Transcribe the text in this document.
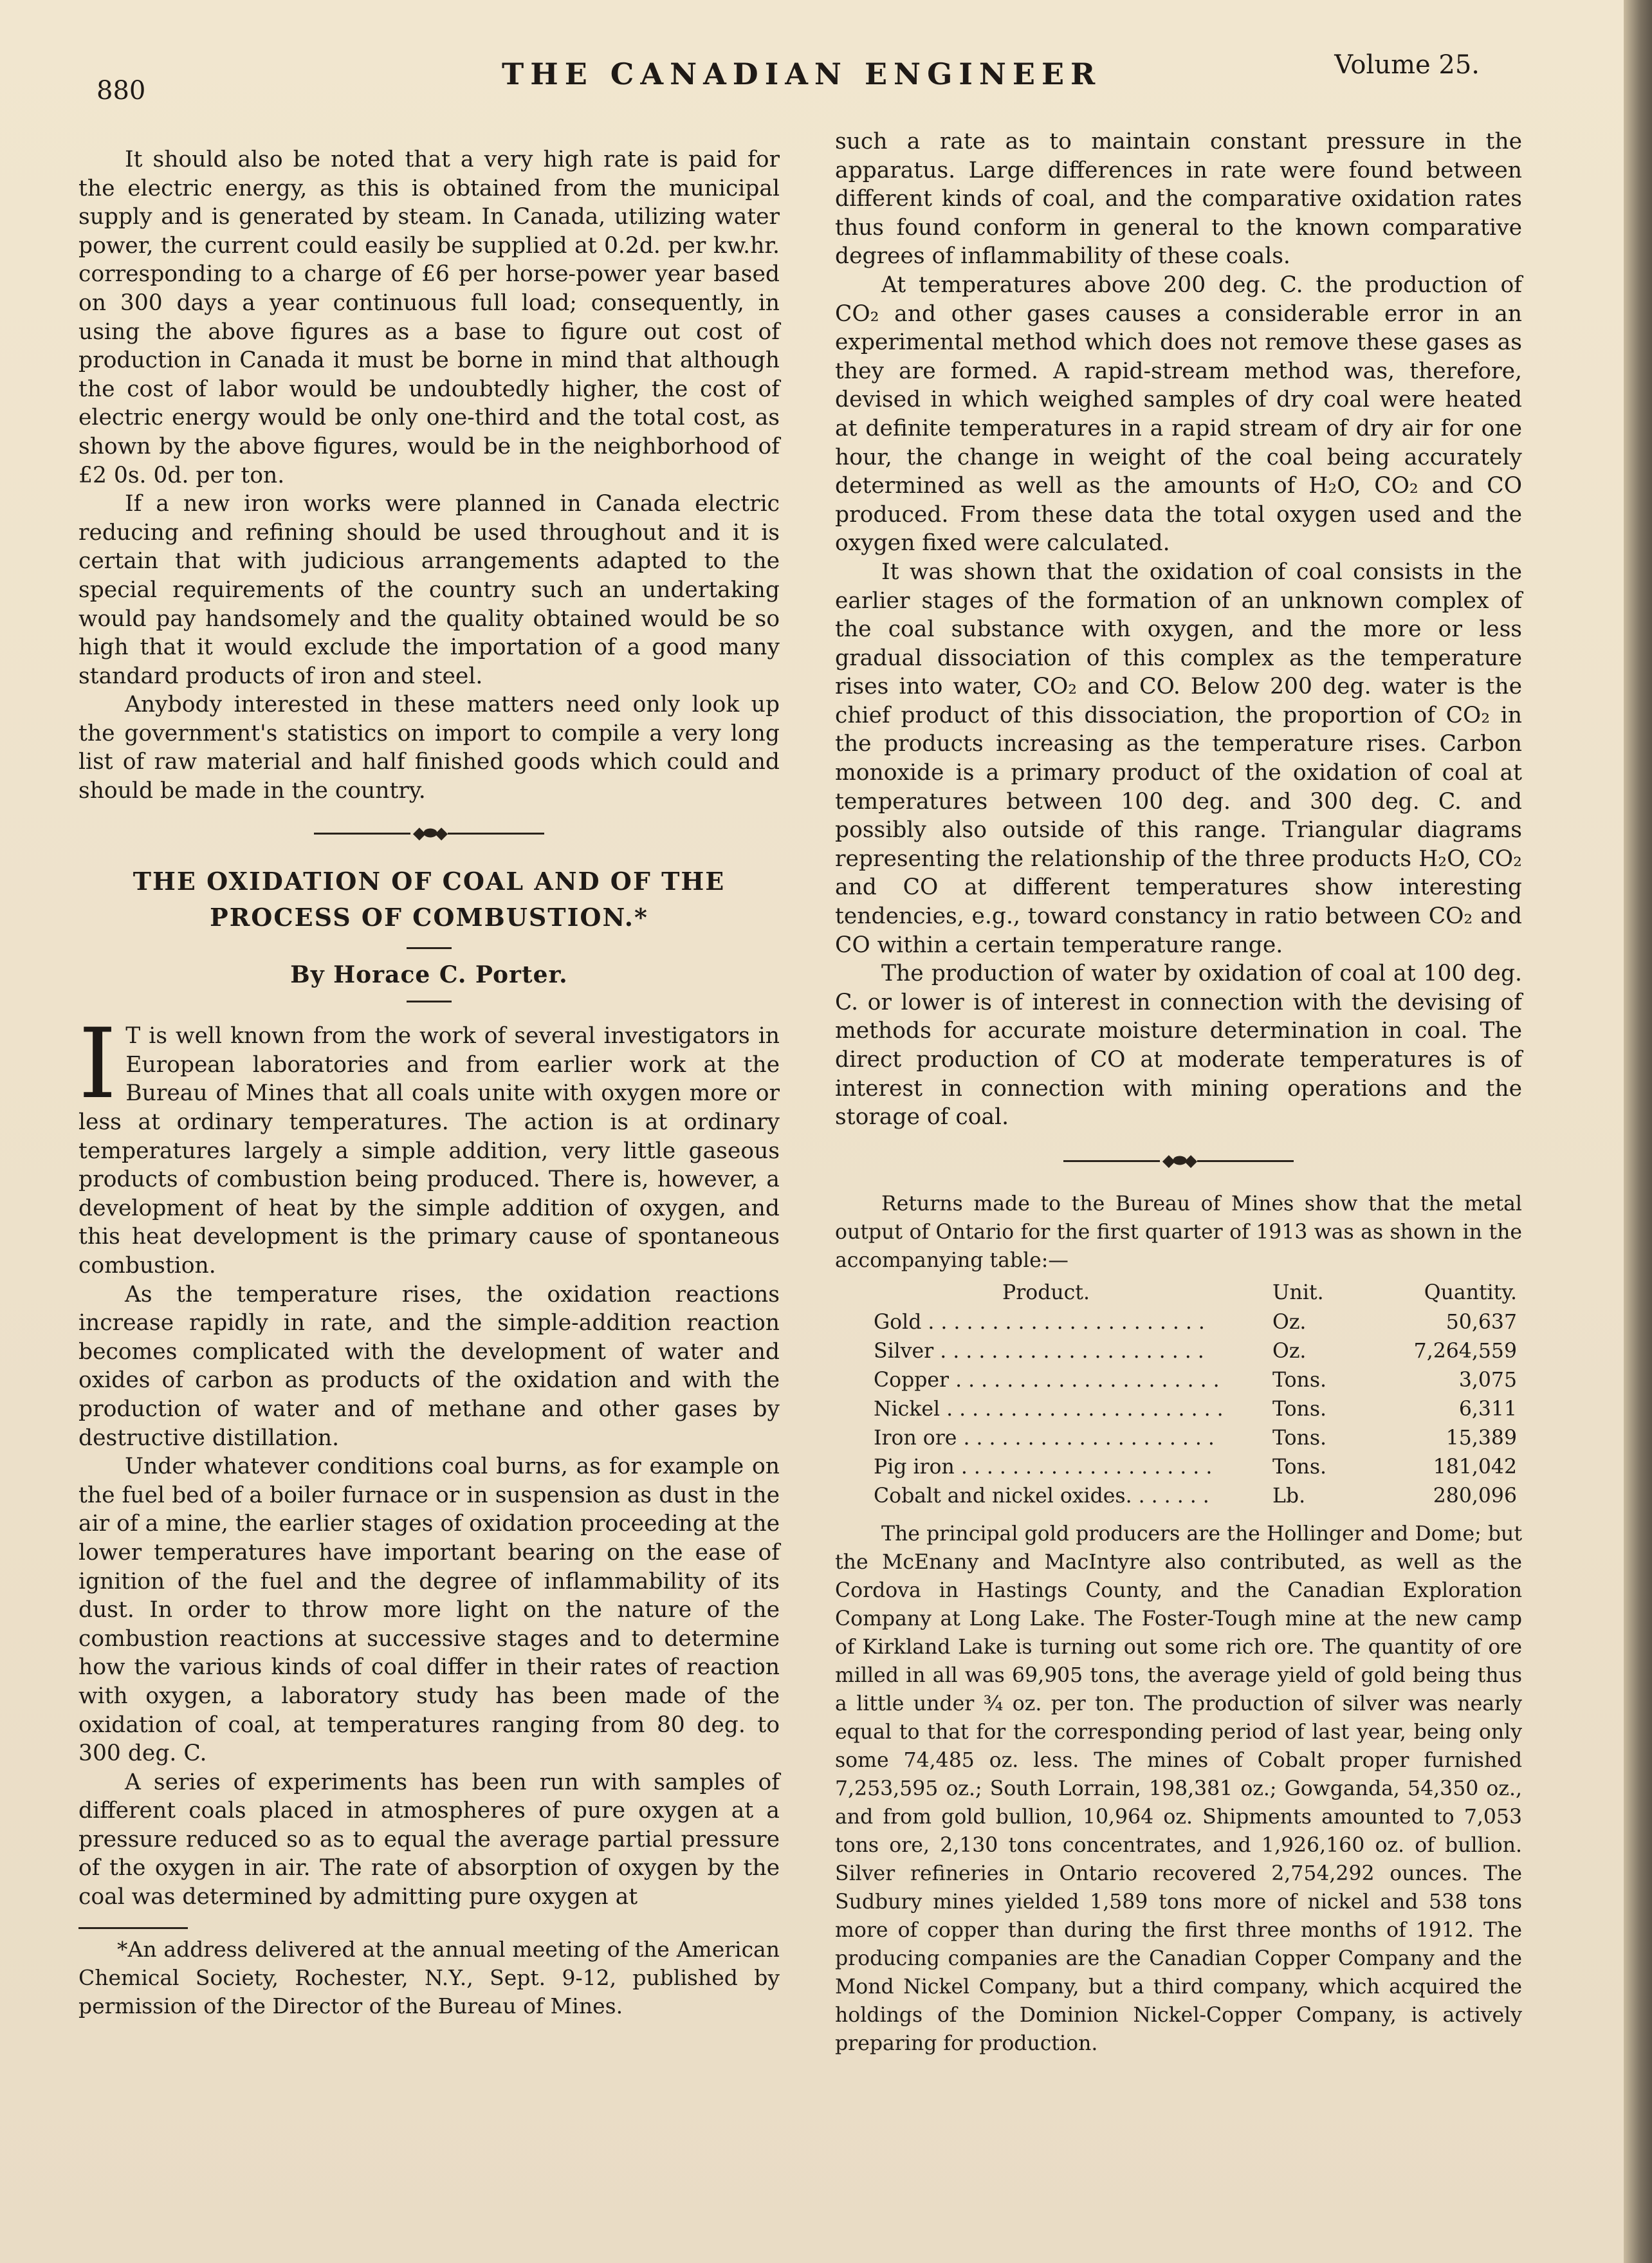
880	THE CANADIAN ENGINEER	Volume 25.

It should also be noted that a very high rate is paid for the electric energy, as this is obtained from the municipal supply and is generated by steam. In Canada, utilizing water power, the current could easily be supplied at 0.2d. per kw.hr. corresponding to a charge of £6 per horse-power year based on 300 days a year continuous full load; consequently, in using the above figures as a base to figure out cost of production in Canada it must be borne in mind that although the cost of labor would be undoubtedly higher, the cost of electric energy would be only one-third and the total cost, as shown by the above figures, would be in the neighborhood of £2 0s. 0d. per ton.

If a new iron works were planned in Canada electric reducing and refining should be used throughout and it is certain that with judicious arrangements adapted to the special requirements of the country such an undertaking would pay handsomely and the quality obtained would be so high that it would exclude the importation of a good many standard products of iron and steel.

Anybody interested in these matters need only look up the government's statistics on import to compile a very long list of raw material and half finished goods which could and should be made in the country.

◆⬬◆
THE OXIDATION OF COAL AND OF THE PROCESS OF COMBUSTION.*
By Horace C. Porter.

I T is well known from the work of several investigators in European laboratories and from earlier work at the Bureau of Mines that all coals unite with oxygen more or less at ordinary temperatures. The action is at ordinary temperatures largely a simple addition, very little gaseous products of combustion being produced. There is, however, a development of heat by the simple addition of oxygen, and this heat development is the primary cause of spontaneous combustion.

As the temperature rises, the oxidation reactions increase rapidly in rate, and the simple-addition reaction becomes complicated with the development of water and oxides of carbon as products of the oxidation and with the production of water and of methane and other gases by destructive distillation.

Under whatever conditions coal burns, as for example on the fuel bed of a boiler furnace or in suspension as dust in the air of a mine, the earlier stages of oxidation proceeding at the lower temperatures have important bearing on the ease of ignition of the fuel and the degree of inflammability of its dust. In order to throw more light on the nature of the combustion reactions at successive stages and to determine how the various kinds of coal differ in their rates of reaction with oxygen, a laboratory study has been made of the oxidation of coal, at temperatures ranging from 80 deg. to 300 deg. C.

A series of experiments has been run with samples of different coals placed in atmospheres of pure oxygen at a pressure reduced so as to equal the average partial pressure of the oxygen in air. The rate of absorption of oxygen by the coal was determined by admitting pure oxygen at

*An address delivered at the annual meeting of the American Chemical Society, Rochester, N.Y., Sept. 9-12, published by permission of the Director of the Bureau of Mines.

such a rate as to maintain constant pressure in the apparatus. Large differences in rate were found between different kinds of coal, and the comparative oxidation rates thus found conform in general to the known comparative degrees of inflammability of these coals.

At temperatures above 200 deg. C. the production of CO₂ and other gases causes a considerable error in an experimental method which does not remove these gases as they are formed. A rapid-stream method was, therefore, devised in which weighed samples of dry coal were heated at definite temperatures in a rapid stream of dry air for one hour, the change in weight of the coal being accurately determined as well as the amounts of H₂O, CO₂ and CO produced. From these data the total oxygen used and the oxygen fixed were calculated.

It was shown that the oxidation of coal consists in the earlier stages of the formation of an unknown complex of the coal substance with oxygen, and the more or less gradual dissociation of this complex as the temperature rises into water, CO₂ and CO. Below 200 deg. water is the chief product of this dissociation, the proportion of CO₂ in the products increasing as the temperature rises. Carbon monoxide is a primary product of the oxidation of coal at temperatures between 100 deg. and 300 deg. C. and possibly also outside of this range. Triangular diagrams representing the relationship of the three products H₂O, CO₂ and CO at different temperatures show interesting tendencies, e.g., toward constancy in ratio between CO₂ and CO within a certain temperature range.

The production of water by oxidation of coal at 100 deg. C. or lower is of interest in connection with the devising of methods for accurate moisture determination in coal. The direct production of CO at moderate temperatures is of interest in connection with mining operations and the storage of coal.

◆⬬◆

Returns made to the Bureau of Mines show that the metal output of Ontario for the first quarter of 1913 was as shown in the accompanying table:—

Product.	Unit.	Quantity.
Gold . . . . . . . . . . . . . . . . . . . . . .	Oz.	50,637
Silver . . . . . . . . . . . . . . . . . . . . .	Oz.	7,264,559
Copper . . . . . . . . . . . . . . . . . . . . .	Tons.	3,075
Nickel . . . . . . . . . . . . . . . . . . . . . .	Tons.	6,311
Iron ore . . . . . . . . . . . . . . . . . . . .	Tons.	15,389
Pig iron . . . . . . . . . . . . . . . . . . . .	Tons.	181,042
Cobalt and nickel oxides. . . . . . .	Lb.	280,096

The principal gold producers are the Hollinger and Dome; but the McEnany and MacIntyre also contributed, as well as the Cordova in Hastings County, and the Canadian Exploration Company at Long Lake. The Foster-Tough mine at the new camp of Kirkland Lake is turning out some rich ore. The quantity of ore milled in all was 69,905 tons, the average yield of gold being thus a little under ¾ oz. per ton. The production of silver was nearly equal to that for the corresponding period of last year, being only some 74,485 oz. less. The mines of Cobalt proper furnished 7,253,595 oz.; South Lorrain, 198,381 oz.; Gowganda, 54,350 oz., and from gold bullion, 10,964 oz. Shipments amounted to 7,053 tons ore, 2,130 tons concentrates, and 1,926,160 oz. of bullion. Silver refineries in Ontario recovered 2,754,292 ounces. The Sudbury mines yielded 1,589 tons more of nickel and 538 tons more of copper than during the first three months of 1912. The producing companies are the Canadian Copper Company and the Mond Nickel Company, but a third company, which acquired the holdings of the Dominion Nickel-Copper Company, is actively preparing for production.
